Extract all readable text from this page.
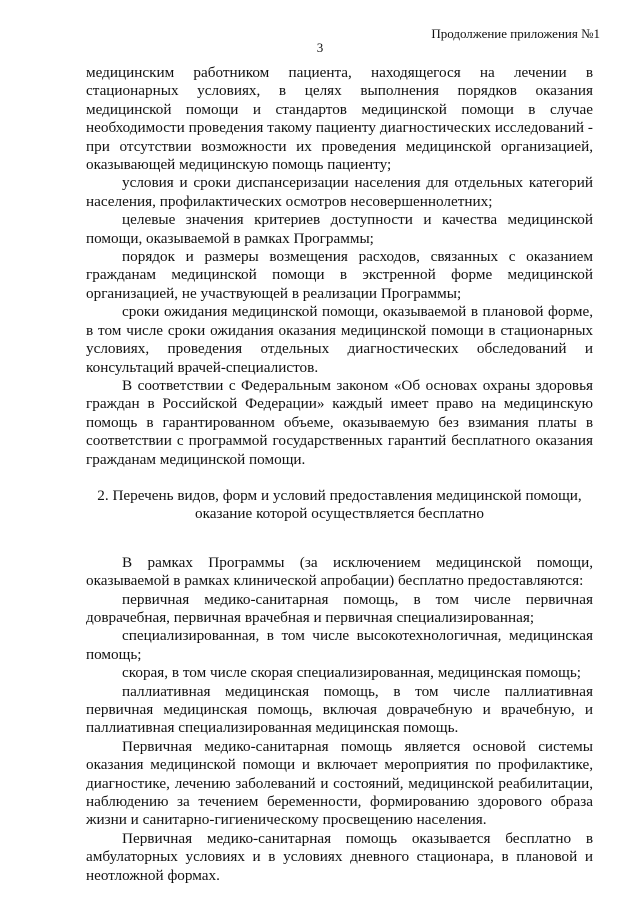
Продолжение приложения №1
3

медицинским работником пациента, находящегося на лечении в стационарных условиях, в целях выполнения порядков оказания медицинской помощи и стандартов медицинской помощи в случае необходимости проведения такому пациенту диагностических исследований - при отсутствии возможности их проведения медицинской организацией, оказывающей медицинскую помощь пациенту;

условия и сроки диспансеризации населения для отдельных категорий населения, профилактических осмотров несовершеннолетних;

целевые значения критериев доступности и качества медицинской помощи, оказываемой в рамках Программы;

порядок и размеры возмещения расходов, связанных с оказанием гражданам медицинской помощи в экстренной форме медицинской организацией, не участвующей в реализации Программы;

сроки ожидания медицинской помощи, оказываемой в плановой форме, в том числе сроки ожидания оказания медицинской помощи в стационарных условиях, проведения отдельных диагностических обследований и консультаций врачей-специалистов.

В соответствии с Федеральным законом «Об основах охраны здоровья граждан в Российской Федерации» каждый имеет право на медицинскую помощь в гарантированном объеме, оказываемую без взимания платы в соответствии с программой государственных гарантий бесплатного оказания гражданам медицинской помощи.

2. Перечень видов, форм и условий предоставления медицинской помощи, оказание которой осуществляется бесплатно

В рамках Программы (за исключением медицинской помощи, оказываемой в рамках клинической апробации) бесплатно предоставляются:

первичная медико-санитарная помощь, в том числе первичная доврачебная, первичная врачебная и первичная специализированная;

специализированная, в том числе высокотехнологичная, медицинская помощь;

скорая, в том числе скорая специализированная, медицинская помощь;

паллиативная медицинская помощь, в том числе паллиативная первичная медицинская помощь, включая доврачебную и врачебную, и паллиативная специализированная медицинская помощь.

Первичная медико-санитарная помощь является основой системы оказания медицинской помощи и включает мероприятия по профилактике, диагностике, лечению заболеваний и состояний, медицинской реабилитации, наблюдению за течением беременности, формированию здорового образа жизни и санитарно-гигиеническому просвещению населения.

Первичная медико-санитарная помощь оказывается бесплатно в амбулаторных условиях и в условиях дневного стационара, в плановой и неотложной формах.
